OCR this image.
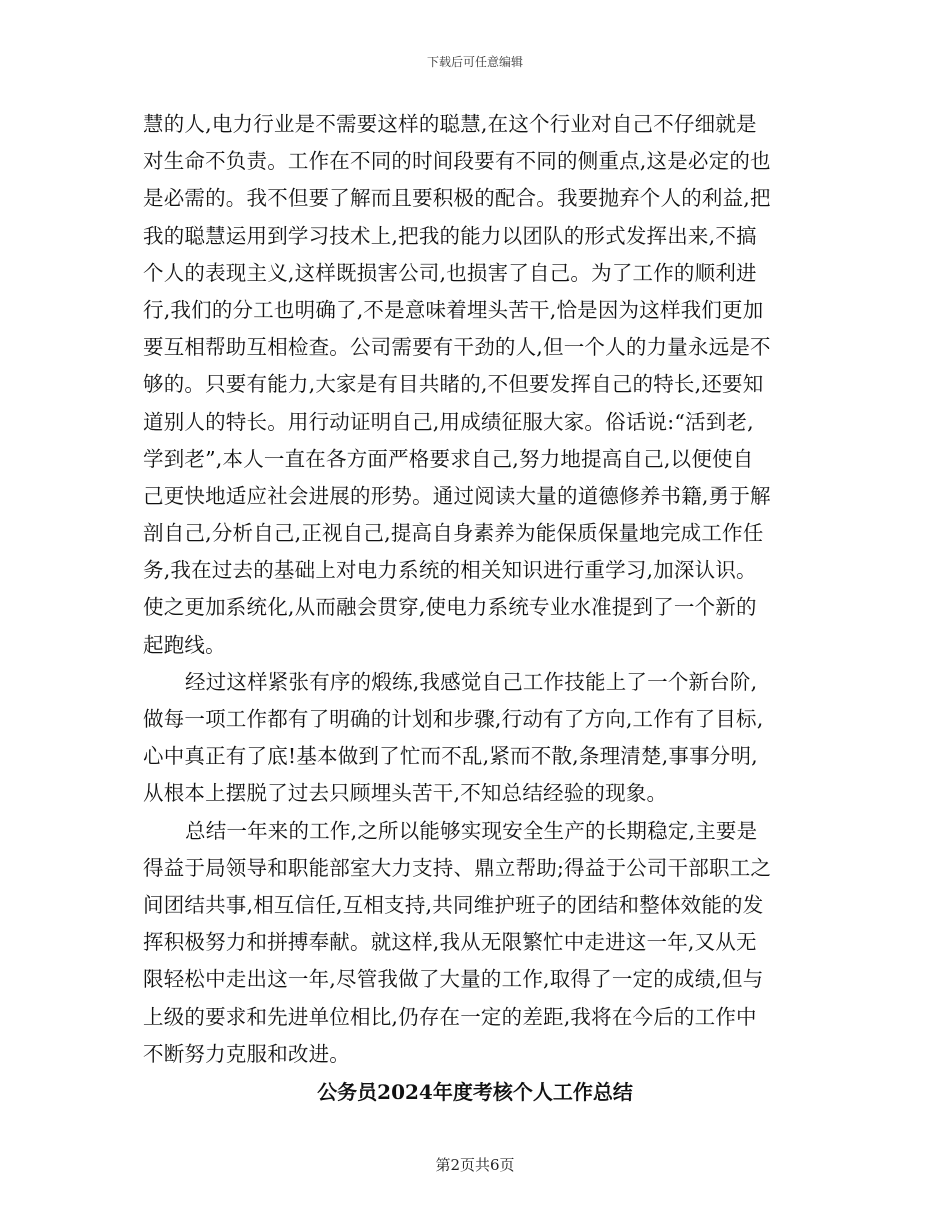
下载后可任意编辑
慧的人,电力行业是不需要这样的聪慧,在这个行业对自己不仔细就是
对生命不负责。工作在不同的时间段要有不同的侧重点,这是必定的也
是必需的。我不但要了解而且要积极的配合。我要抛弃个人的利益,把
我的聪慧运用到学习技术上,把我的能力以团队的形式发挥出来,不搞
个人的表现主义,这样既损害公司,也损害了自己。为了工作的顺利进
行,我们的分工也明确了,不是意味着埋头苦干,恰是因为这样我们更加
要互相帮助互相检查。公司需要有干劲的人,但一个人的力量永远是不
够的。只要有能力,大家是有目共睹的,不但要发挥自己的特长,还要知
道别人的特长。用行动证明自己,用成绩征服大家。俗话说:“活到老,
学到老”,本人一直在各方面严格要求自己,努力地提高自己,以便使自
己更快地适应社会进展的形势。通过阅读大量的道德修养书籍,勇于解
剖自己,分析自己,正视自己,提高自身素养为能保质保量地完成工作任
务,我在过去的基础上对电力系统的相关知识进行重学习,加深认识。
使之更加系统化,从而融会贯穿,使电力系统专业水准提到了一个新的
起跑线。
经过这样紧张有序的煅练,我感觉自己工作技能上了一个新台阶,
做每一项工作都有了明确的计划和步骤,行动有了方向,工作有了目标,
心中真正有了底!基本做到了忙而不乱,紧而不散,条理清楚,事事分明,
从根本上摆脱了过去只顾埋头苦干,不知总结经验的现象。
总结一年来的工作,之所以能够实现安全生产的长期稳定,主要是
得益于局领导和职能部室大力支持、鼎立帮助;得益于公司干部职工之
间团结共事,相互信任,互相支持,共同维护班子的团结和整体效能的发
挥积极努力和拼搏奉献。就这样,我从无限繁忙中走进这一年,又从无
限轻松中走出这一年,尽管我做了大量的工作,取得了一定的成绩,但与
上级的要求和先进单位相比,仍存在一定的差距,我将在今后的工作中
不断努力克服和改进。
公务员2024年度考核个人工作总结
第2页共6页
